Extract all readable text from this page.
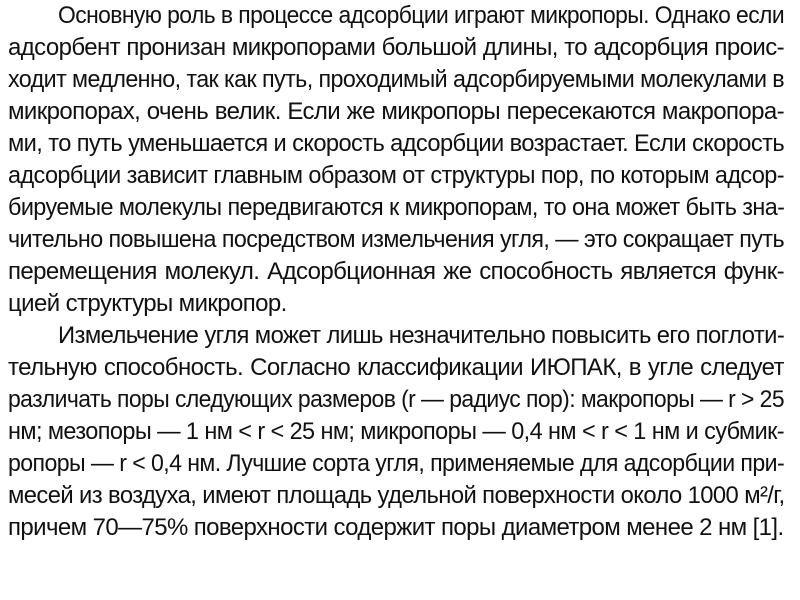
Основную роль в процессе адсорбции играют микропоры. Однако если
адсорбент пронизан микропорами большой длины, то адсорбция проис-
ходит медленно, так как путь, проходимый адсорбируемыми молекулами в
микропорах, очень велик. Если же микропоры пересекаются макропора-
ми, то путь уменьшается и скорость адсорбции возрастает. Если скорость
адсорбции зависит главным образом от структуры пор, по которым адсор-
бируемые молекулы передвигаются к микропорам, то она может быть зна-
чительно повышена посредством измельчения угля, — это сокращает путь
перемещения молекул. Адсорбционная же способность является функ-
цией структуры микропор.
Измельчение угля может лишь незначительно повысить его поглоти-
тельную способность. Согласно классификации ИЮПАК, в угле следует
различать поры следующих размеров (r — радиус пор): макропоры — r > 25
нм; мезопоры — 1 нм < r < 25 нм; микропоры — 0,4 нм < r < 1 нм и субмик-
ропоры — r < 0,4 нм. Лучшие сорта угля, применяемые для адсорбции при-
месей из воздуха, имеют площадь удельной поверхности около 1000 м²/г,
причем 70—75% поверхности содержит поры диаметром менее 2 нм [1].
